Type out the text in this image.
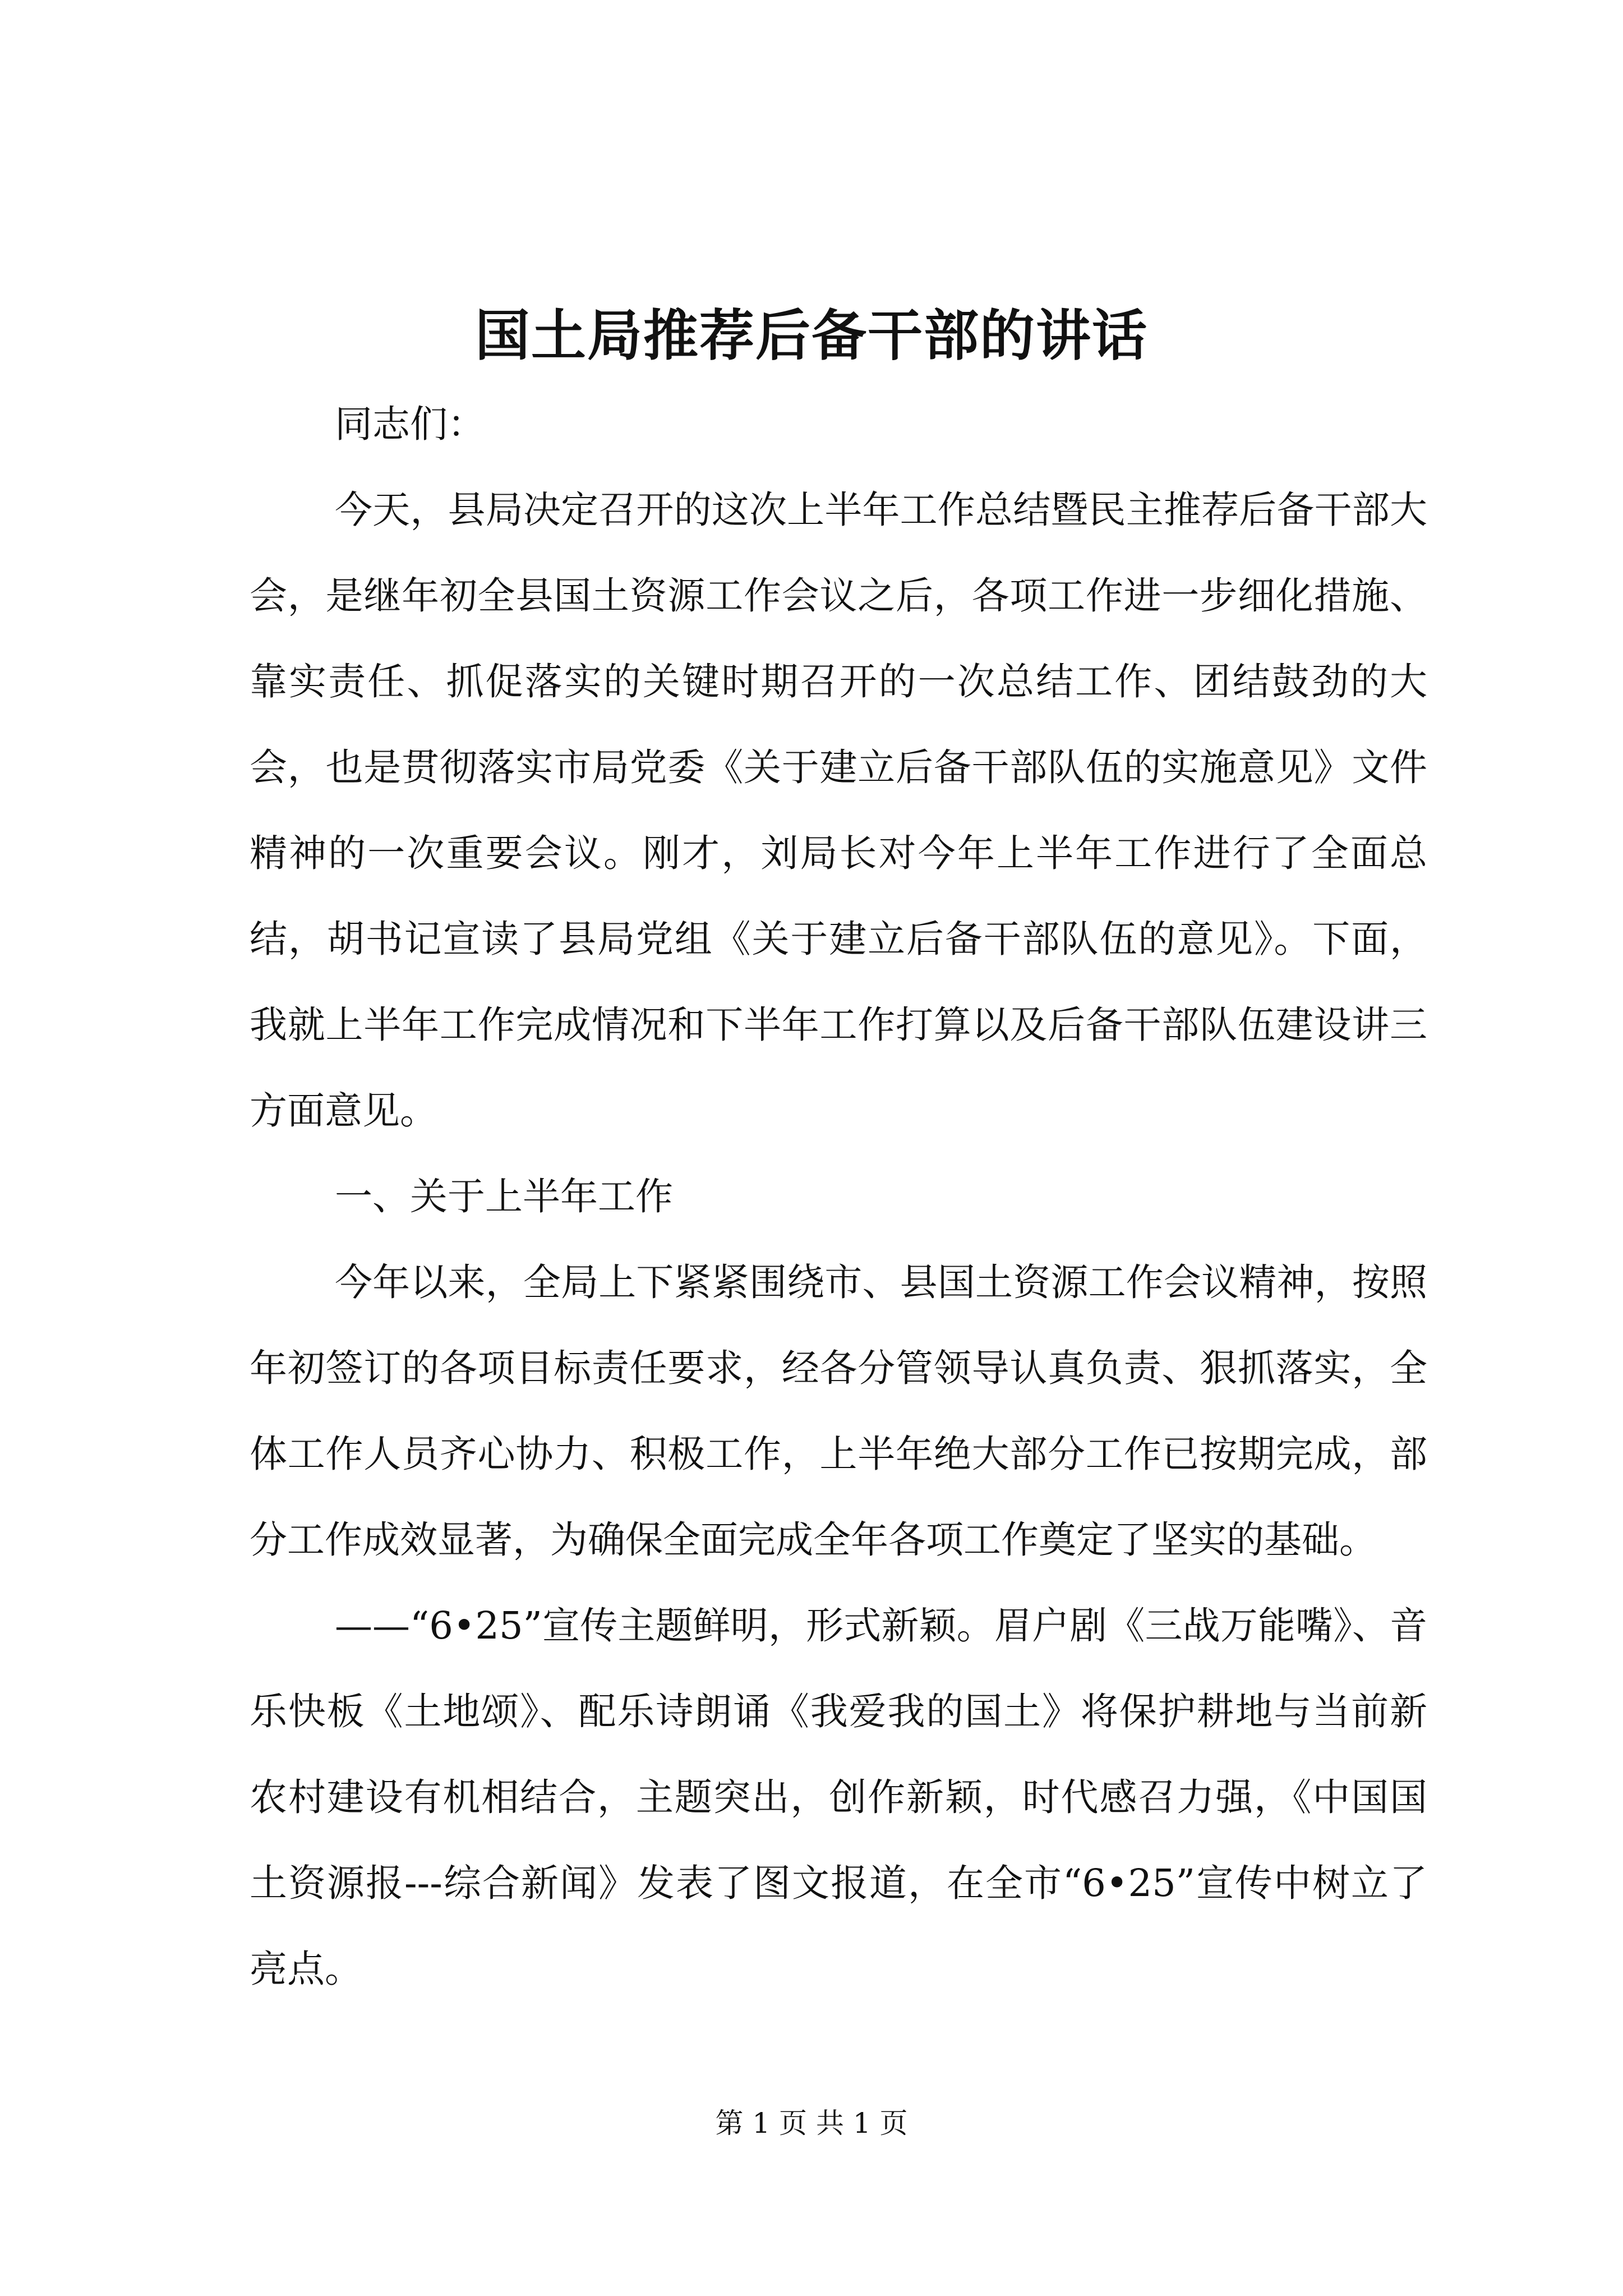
国土局推荐后备干部的讲话

同志们：

今天，县局决定召开的这次上半年工作总结暨民主推荐后备干部大会，是继年初全县国土资源工作会议之后，各项工作进一步细化措施、靠实责任、抓促落实的关键时期召开的一次总结工作、团结鼓劲的大会，也是贯彻落实市局党委《关于建立后备干部队伍的实施意见》文件精神的一次重要会议。刚才，刘局长对今年上半年工作进行了全面总结，胡书记宣读了县局党组《关于建立后备干部队伍的意见》。下面，我就上半年工作完成情况和下半年工作打算以及后备干部队伍建设讲三方面意见。

一、关于上半年工作

今年以来，全局上下紧紧围绕市、县国土资源工作会议精神，按照年初签订的各项目标责任要求，经各分管领导认真负责、狠抓落实，全体工作人员齐心协力、积极工作，上半年绝大部分工作已按期完成，部分工作成效显著，为确保全面完成全年各项工作奠定了坚实的基础。

——“6•25”宣传主题鲜明，形式新颖。眉户剧《三战万能嘴》、音乐快板《土地颂》、配乐诗朗诵《我爱我的国土》将保护耕地与当前新农村建设有机相结合，主题突出，创作新颖，时代感召力强，《中国国土资源报---综合新闻》发表了图文报道，在全市“6•25”宣传中树立了亮点。

第 1 页 共 1 页
